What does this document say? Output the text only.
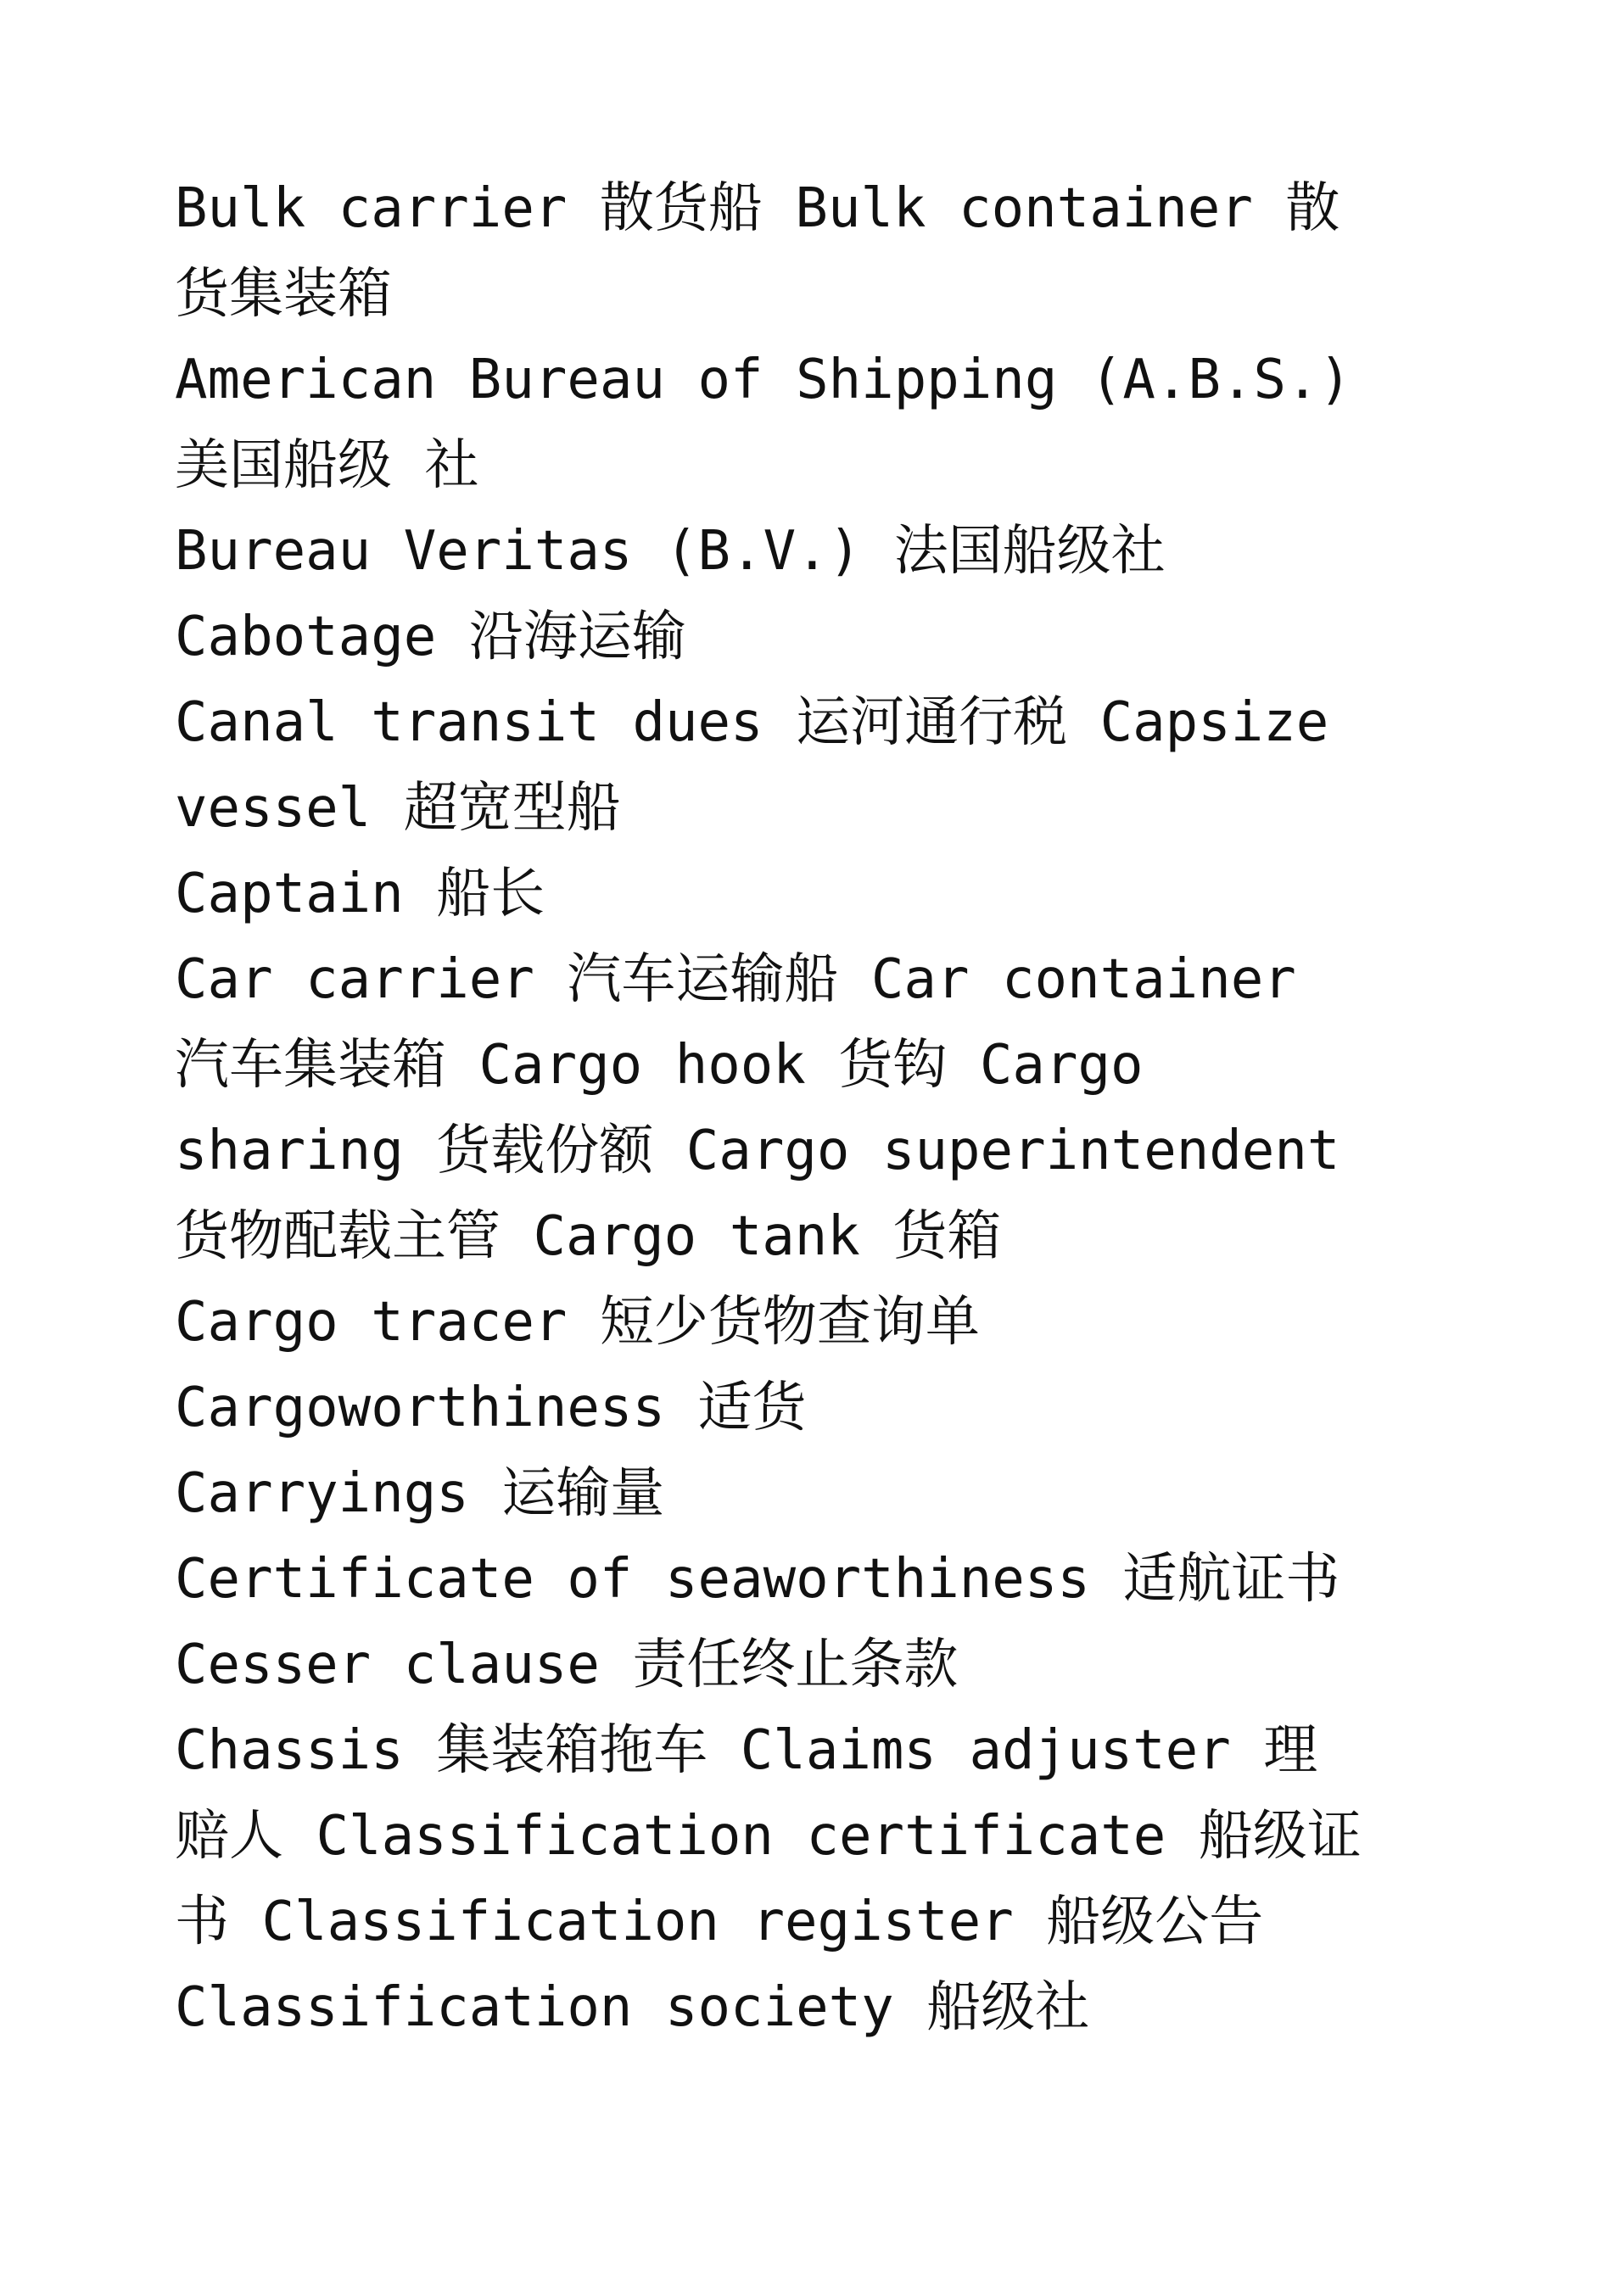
Bulk carrier 散货船 Bulk container 散
货集装箱
American Bureau of Shipping (A.B.S.)
美国船级 社
Bureau Veritas (B.V.) 法国船级社
Cabotage 沿海运输
Canal transit dues 运河通行税 Capsize
vessel 超宽型船
Captain 船长
Car carrier 汽车运输船 Car container
汽车集装箱 Cargo hook 货钩 Cargo
sharing 货载份额 Cargo superintendent
货物配载主管 Cargo tank 货箱
Cargo tracer 短少货物查询单
Cargoworthiness 适货
Carryings 运输量
Certificate of seaworthiness 适航证书
Cesser clause 责任终止条款
Chassis 集装箱拖车 Claims adjuster 理
赔人 Classification certificate 船级证
书 Classification register 船级公告
Classification society 船级社
